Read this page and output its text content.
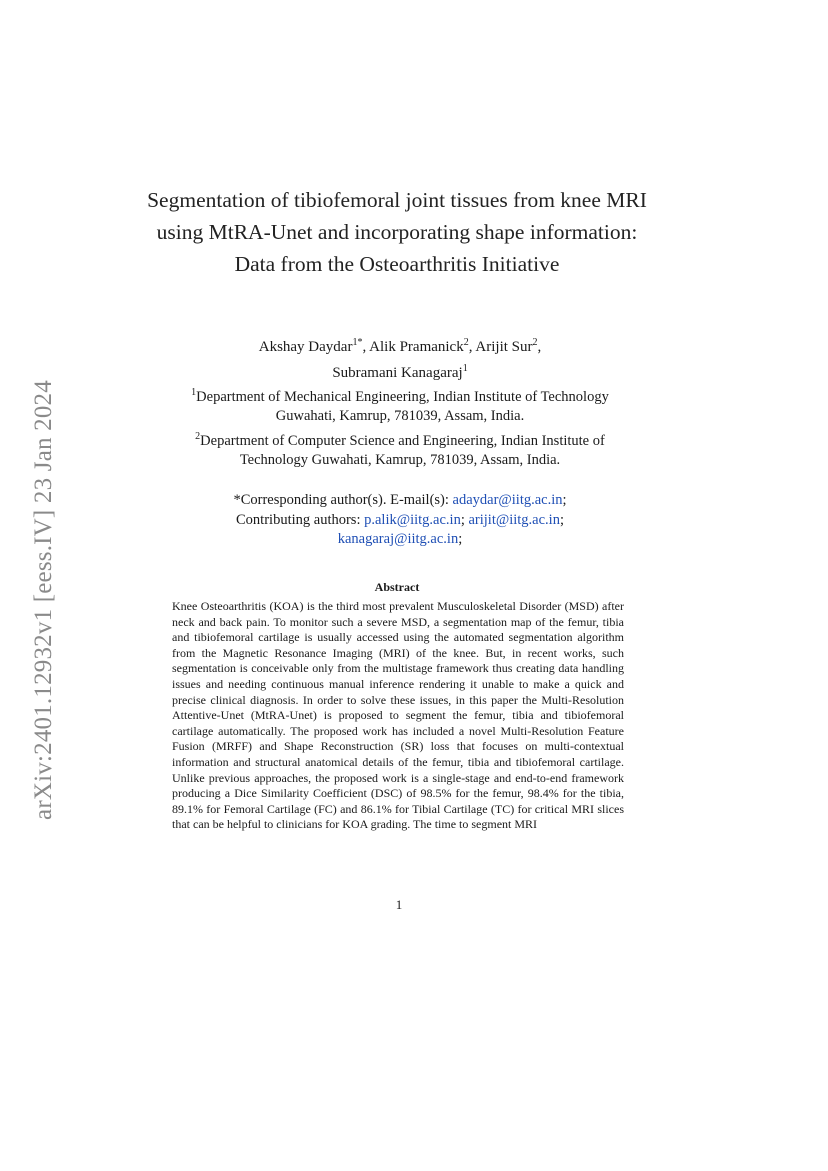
arXiv:2401.12932v1 [eess.IV] 23 Jan 2024
Segmentation of tibiofemoral joint tissues from knee MRI using MtRA-Unet and incorporating shape information: Data from the Osteoarthritis Initiative
Akshay Daydar$^{1*}$, Alik Pramanick$^2$, Arijit Sur$^2$,
Subramani Kanagaraj$^1$
$^1$Department of Mechanical Engineering, Indian Institute of Technology
Guwahati, Kamrup, 781039, Assam, India.
$^2$Department of Computer Science and Engineering, Indian Institute of
Technology Guwahati, Kamrup, 781039, Assam, India.
*Corresponding author(s). E-mail(s): adaydar@iitg.ac.in;
Contributing authors: p.alik@iitg.ac.in; arijit@iitg.ac.in;
kanagaraj@iitg.ac.in;
Abstract
Knee Osteoarthritis (KOA) is the third most prevalent Musculoskeletal Disorder (MSD) after neck and back pain. To monitor such a severe MSD, a segmentation map of the femur, tibia and tibiofemoral cartilage is usually accessed using the automated segmentation algorithm from the Magnetic Resonance Imaging (MRI) of the knee. But, in recent works, such segmentation is conceivable only from the multistage framework thus creating data handling issues and needing continuous manual inference rendering it unable to make a quick and precise clinical diagnosis. In order to solve these issues, in this paper the Multi-Resolution Attentive-Unet (MtRA-Unet) is proposed to segment the femur, tibia and tibiofemoral cartilage automatically. The proposed work has included a novel Multi-Resolution Feature Fusion (MRFF) and Shape Reconstruction (SR) loss that focuses on multi-contextual information and structural anatomical details of the femur, tibia and tibiofemoral cartilage. Unlike previous approaches, the proposed work is a single-stage and end-to-end framework producing a Dice Similarity Coefficient (DSC) of 98.5% for the femur, 98.4% for the tibia, 89.1% for Femoral Cartilage (FC) and 86.1% for Tibial Cartilage (TC) for critical MRI slices that can be helpful to clinicians for KOA grading. The time to segment MRI
1
